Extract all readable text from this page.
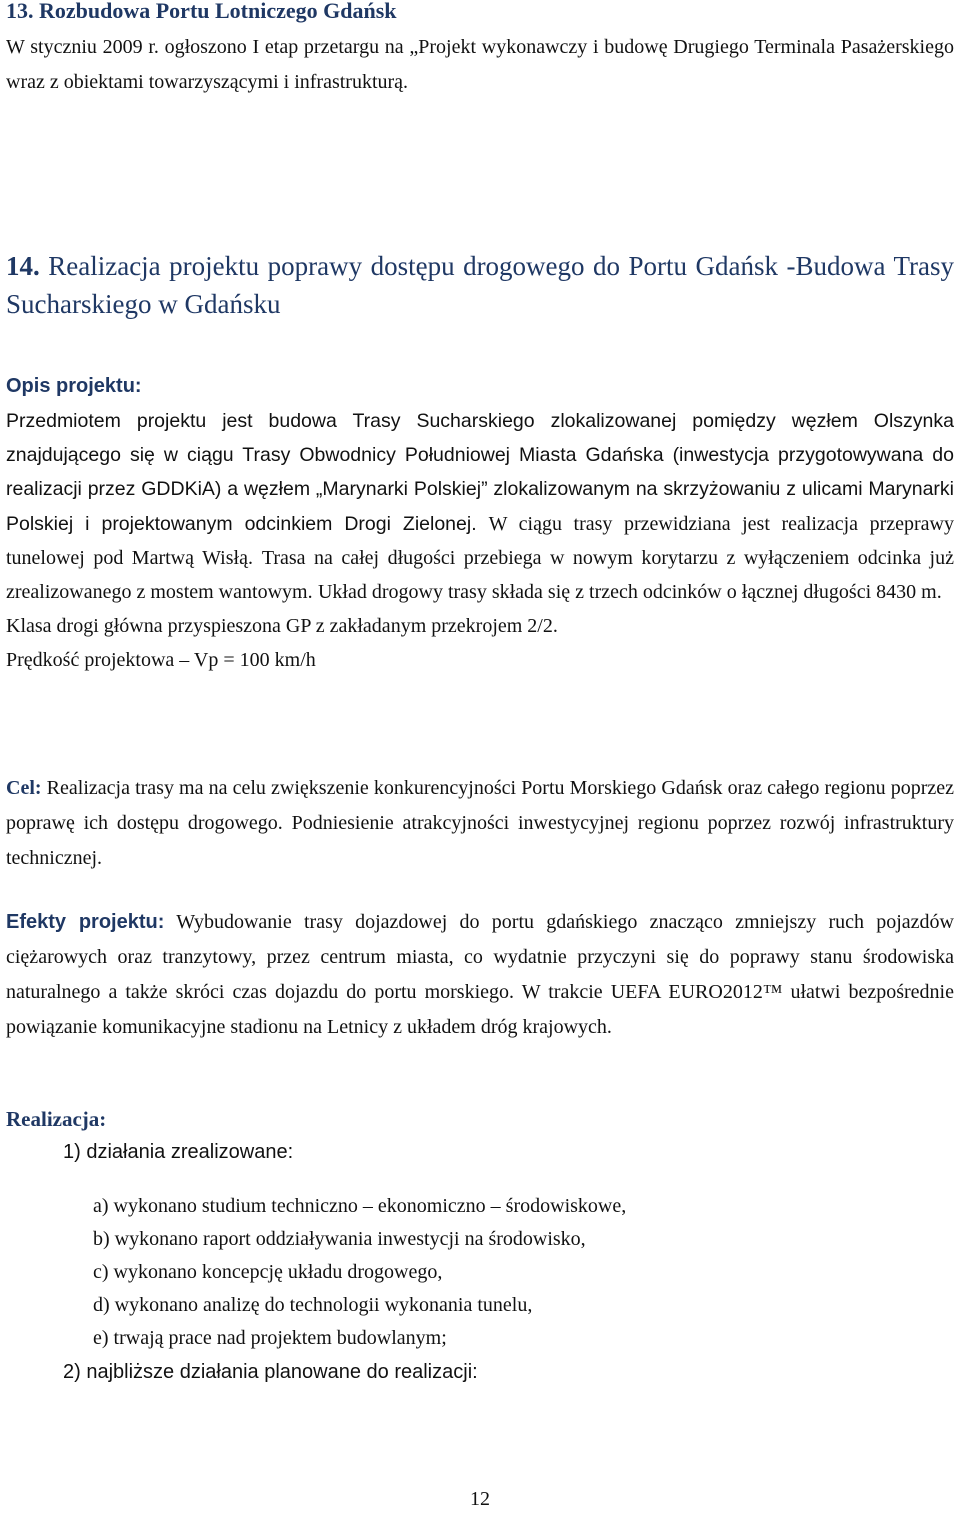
13. Rozbudowa Portu Lotniczego Gdańsk
W styczniu 2009 r. ogłoszono I etap przetargu na „Projekt wykonawczy i budowę Drugiego Terminala Pasażerskiego wraz z obiektami towarzyszącymi i infrastrukturą.
14. Realizacja projektu poprawy dostępu drogowego do Portu Gdańsk -Budowa Trasy Sucharskiego w Gdańsku
Opis projektu:
Przedmiotem projektu jest budowa Trasy Sucharskiego zlokalizowanej pomiędzy węzłem Olszynka znajdującego się w ciągu Trasy Obwodnicy Południowej Miasta Gdańska (inwestycja przygotowywana do realizacji przez GDDKiA) a węzłem „Marynarki Polskiej” zlokalizowanym na skrzyżowaniu z ulicami Marynarki Polskiej i projektowanym odcinkiem Drogi Zielonej. W ciągu trasy przewidziana jest realizacja przeprawy tunelowej pod Martwą Wisłą. Trasa na całej długości przebiega w nowym korytarzu z wyłączeniem odcinka już zrealizowanego z mostem wantowym. Układ drogowy trasy składa się z trzech odcinków o łącznej długości 8430 m.
Klasa drogi główna przyspieszona GP z zakładanym przekrojem 2/2.
Prędkość projektowa – Vp = 100 km/h
Cel: Realizacja trasy ma na celu zwiększenie konkurencyjności Portu Morskiego Gdańsk oraz całego regionu poprzez poprawę ich dostępu drogowego. Podniesienie atrakcyjności inwestycyjnej regionu poprzez rozwój infrastruktury technicznej.
Efekty projektu: Wybudowanie trasy dojazdowej do portu gdańskiego znacząco zmniejszy ruch pojazdów ciężarowych oraz tranzytowy, przez centrum miasta, co wydatnie przyczyni się do poprawy stanu środowiska naturalnego a także skróci czas dojazdu do portu morskiego. W trakcie UEFA EURO2012™ ułatwi bezpośrednie powiązanie komunikacyjne stadionu na Letnicy z układem dróg krajowych.
Realizacja:
1) działania zrealizowane:
a) wykonano studium techniczno – ekonomiczno – środowiskowe,
b) wykonano raport oddziaływania inwestycji na środowisko,
c) wykonano koncepcję układu drogowego,
d) wykonano analizę do technologii wykonania tunelu,
e) trwają prace nad projektem budowlanym;
2) najbliższe działania planowane do realizacji:
12
